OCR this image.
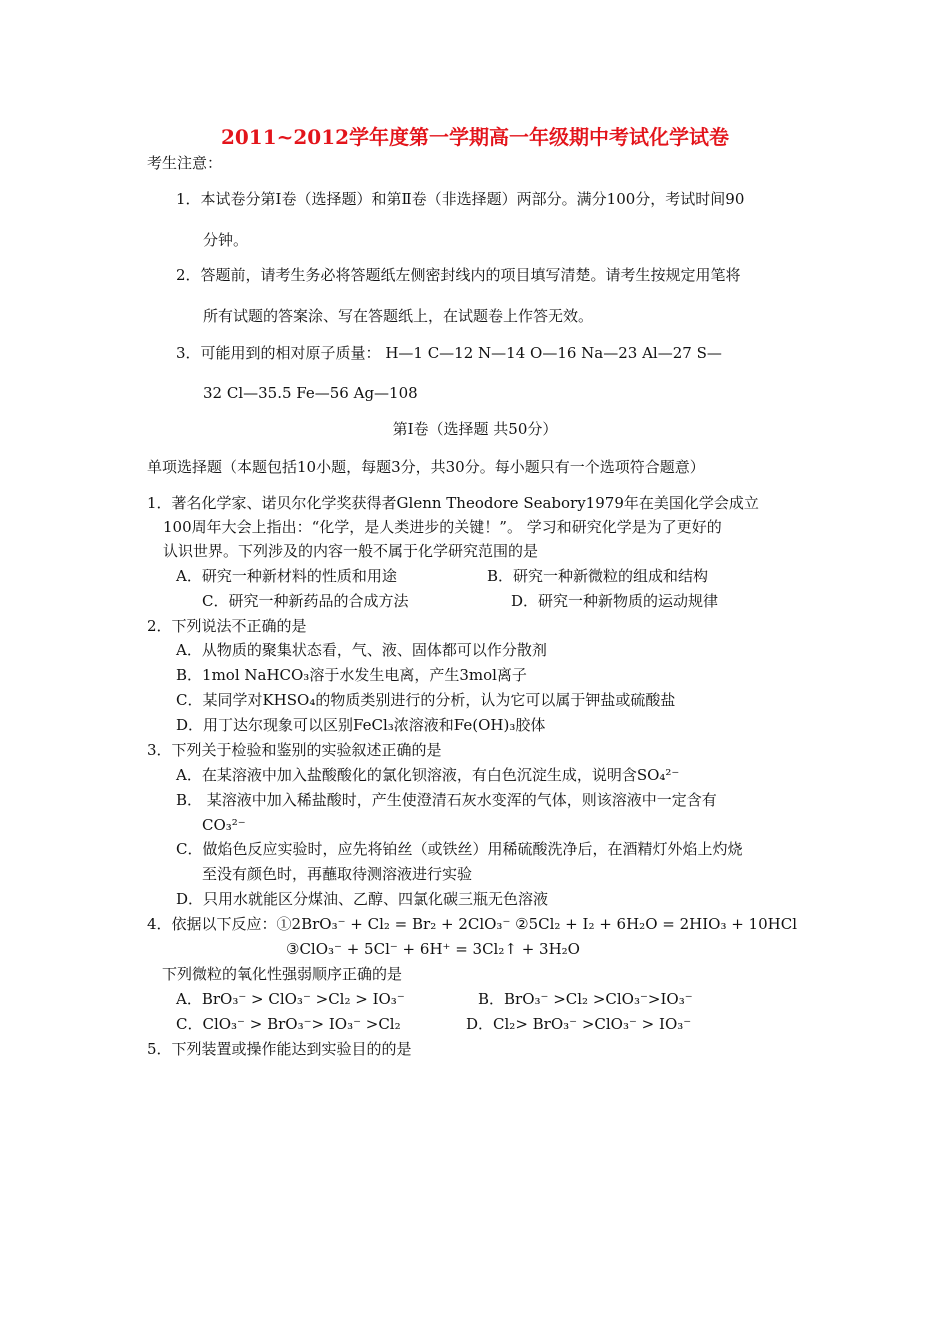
2011~2012学年度第一学期高一年级期中考试化学试卷
考生注意：
1．本试卷分第Ⅰ卷（选择题）和第Ⅱ卷（非选择题）两部分。满分100分，考试时间90
分钟。
2．答题前，请考生务必将答题纸左侧密封线内的项目填写清楚。请考生按规定用笔将
所有试题的答案涂、写在答题纸上，在试题卷上作答无效。
3．可能用到的相对原子质量： H—1 C—12 N—14 O—16 Na—23 Al—27 S—
32 Cl—35.5 Fe—56 Ag—108
第Ⅰ卷（选择题 共50分）
单项选择题（本题包括10小题，每题3分，共30分。每小题只有一个选项符合题意）
1．著名化学家、诺贝尔化学奖获得者Glenn Theodore Seabory1979年在美国化学会成立
100周年大会上指出：“化学，是人类进步的关键！”。 学习和研究化学是为了更好的
认识世界。下列涉及的内容一般不属于化学研究范围的是
A．研究一种新材料的性质和用途	B．研究一种新微粒的组成和结构
C．研究一种新药品的合成方法	D．研究一种新物质的运动规律
2．下列说法不正确的是
A．从物质的聚集状态看，气、液、固体都可以作分散剂
B．1mol NaHCO₃溶于水发生电离，产生3mol离子
C．某同学对KHSO₄的物质类别进行的分析，认为它可以属于钾盐或硫酸盐
D．用丁达尔现象可以区别FeCl₃浓溶液和Fe(OH)₃胶体
3．下列关于检验和鉴别的实验叙述正确的是
A．在某溶液中加入盐酸酸化的氯化钡溶液，有白色沉淀生成，说明含SO₄²⁻
B． 某溶液中加入稀盐酸时，产生使澄清石灰水变浑的气体，则该溶液中一定含有
CO₃²⁻
C．做焰色反应实验时，应先将铂丝（或铁丝）用稀硫酸洗净后，在酒精灯外焰上灼烧
至没有颜色时，再蘸取待测溶液进行实验
D．只用水就能区分煤油、乙醇、四氯化碳三瓶无色溶液
4．依据以下反应：①2BrO₃⁻ + Cl₂ = Br₂ + 2ClO₃⁻ ②5Cl₂ + I₂ + 6H₂O = 2HIO₃ + 10HCl
③ClO₃⁻ + 5Cl⁻ + 6H⁺ = 3Cl₂↑ + 3H₂O
下列微粒的氧化性强弱顺序正确的是
A．BrO₃⁻ > ClO₃⁻ >Cl₂ > IO₃⁻	B．BrO₃⁻ >Cl₂ >ClO₃⁻>IO₃⁻
C．ClO₃⁻ > BrO₃⁻> IO₃⁻ >Cl₂	D．Cl₂> BrO₃⁻ >ClO₃⁻ > IO₃⁻
5．下列装置或操作能达到实验目的的是
